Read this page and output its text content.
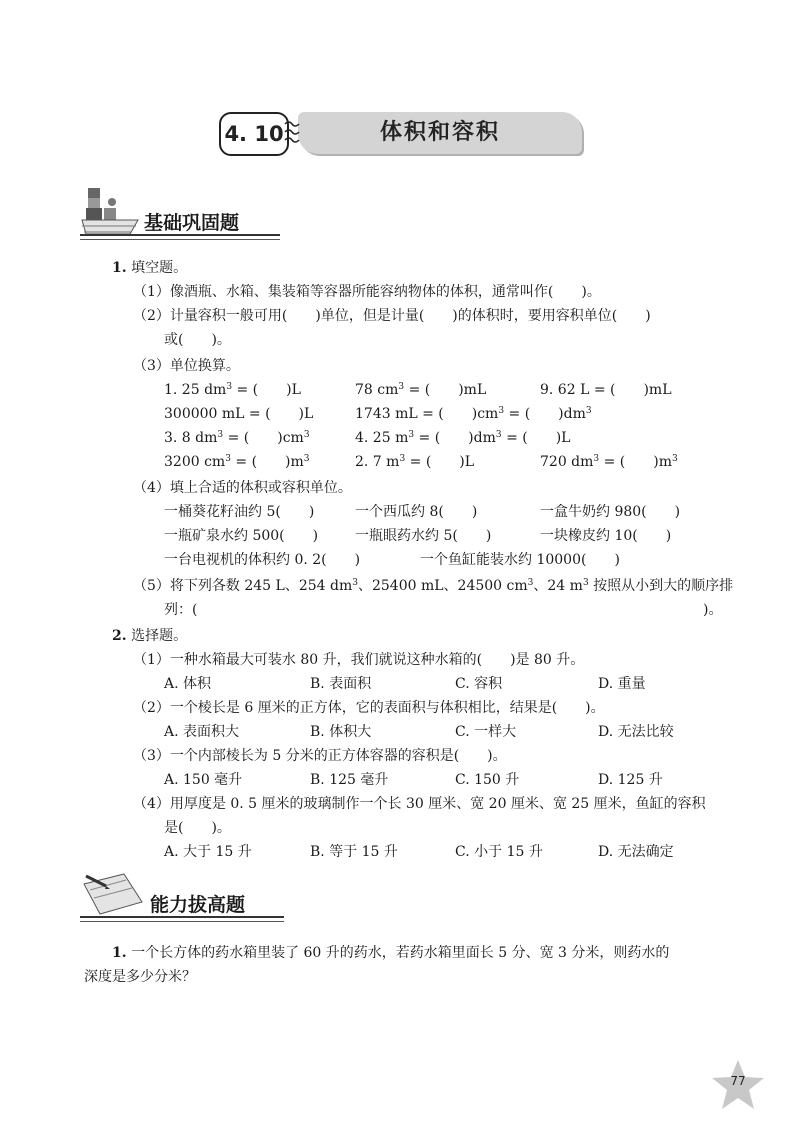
体积和容积
4. 10
基础巩固题
1. 填空题。
（1）像酒瓶、水箱、集装箱等容器所能容纳物体的体积，通常叫作(　　)。
（2）计量容积一般可用(　　)单位，但是计量(　　)的体积时，要用容积单位(　　)
或(　　)。
（3）单位换算。
1. 25 $dm^3$ = (　　)L	78 $cm^3$ = (　　)mL	9. 62 L = (　　)mL
300000 mL = (　　)L	1743 mL = (　　)$cm^3$ = (　　)$dm^3$
3. 8 $dm^3$ = (　　)$cm^3$	4. 25 $m^3$ = (　　)$dm^3$ = (　　)L
3200 $cm^3$ = (　　)$m^3$	2. 7 $m^3$ = (　　)L	720 $dm^3$ = (　　)$m^3$
（4）填上合适的体积或容积单位。
一桶葵花籽油约 5(　　)	一个西瓜约 8(　　)	一盒牛奶约 980(　　)
一瓶矿泉水约 500(　　)	一瓶眼药水约 5(　　)	一块橡皮约 10(　　)
一台电视机的体积约 0. 2(　　)	一个鱼缸能装水约 10000(　　)
（5）将下列各数 245 L、254 $dm^3$、25400 mL、24500 $cm^3$、24 $m^3$ 按照从小到大的顺序排
列：(	)。
2. 选择题。
（1）一种水箱最大可装水 80 升，我们就说这种水箱的(　　)是 80 升。
A. 体积	B. 表面积	C. 容积	D. 重量
（2）一个棱长是 6 厘米的正方体，它的表面积与体积相比，结果是(　　)。
A. 表面积大	B. 体积大	C. 一样大	D. 无法比较
（3）一个内部棱长为 5 分米的正方体容器的容积是(　　)。
A. 150 毫升	B. 125 毫升	C. 150 升	D. 125 升
（4）用厚度是 0. 5 厘米的玻璃制作一个长 30 厘米、宽 20 厘米、宽 25 厘米，鱼缸的容积
是(　　)。
A. 大于 15 升	B. 等于 15 升	C. 小于 15 升	D. 无法确定
能力拔高题
1. 一个长方体的药水箱里装了 60 升的药水，若药水箱里面长 5 分、宽 3 分米，则药水的
深度是多少分米？
77
